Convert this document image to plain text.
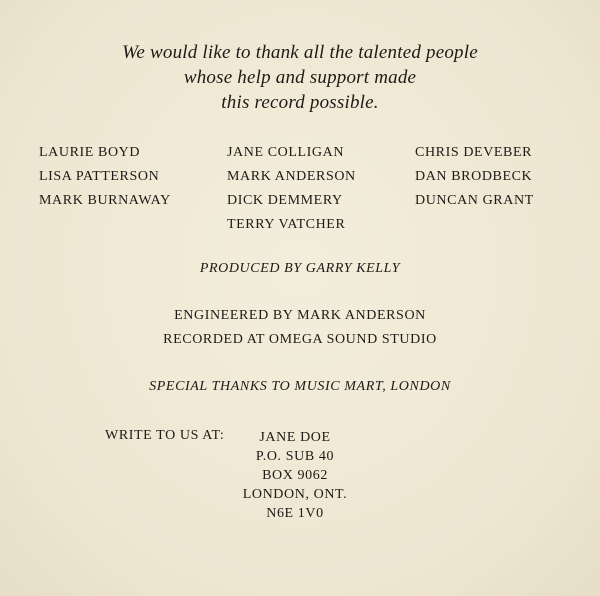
We would like to thank all the talented people
whose help and support made
this record possible.
LAURIE BOYD
LISA PATTERSON
MARK BURNAWAY
JANE COLLIGAN
MARK ANDERSON
DICK DEMMERY
TERRY VATCHER
CHRIS DEVEBER
DAN BRODBECK
DUNCAN GRANT
PRODUCED BY GARRY KELLY
ENGINEERED BY MARK ANDERSON
RECORDED AT OMEGA SOUND STUDIO
SPECIAL THANKS TO MUSIC MART, LONDON
WRITE TO US AT:	JANE DOE
P.O. SUB 40
BOX 9062
LONDON, ONT.
N6E 1V0
